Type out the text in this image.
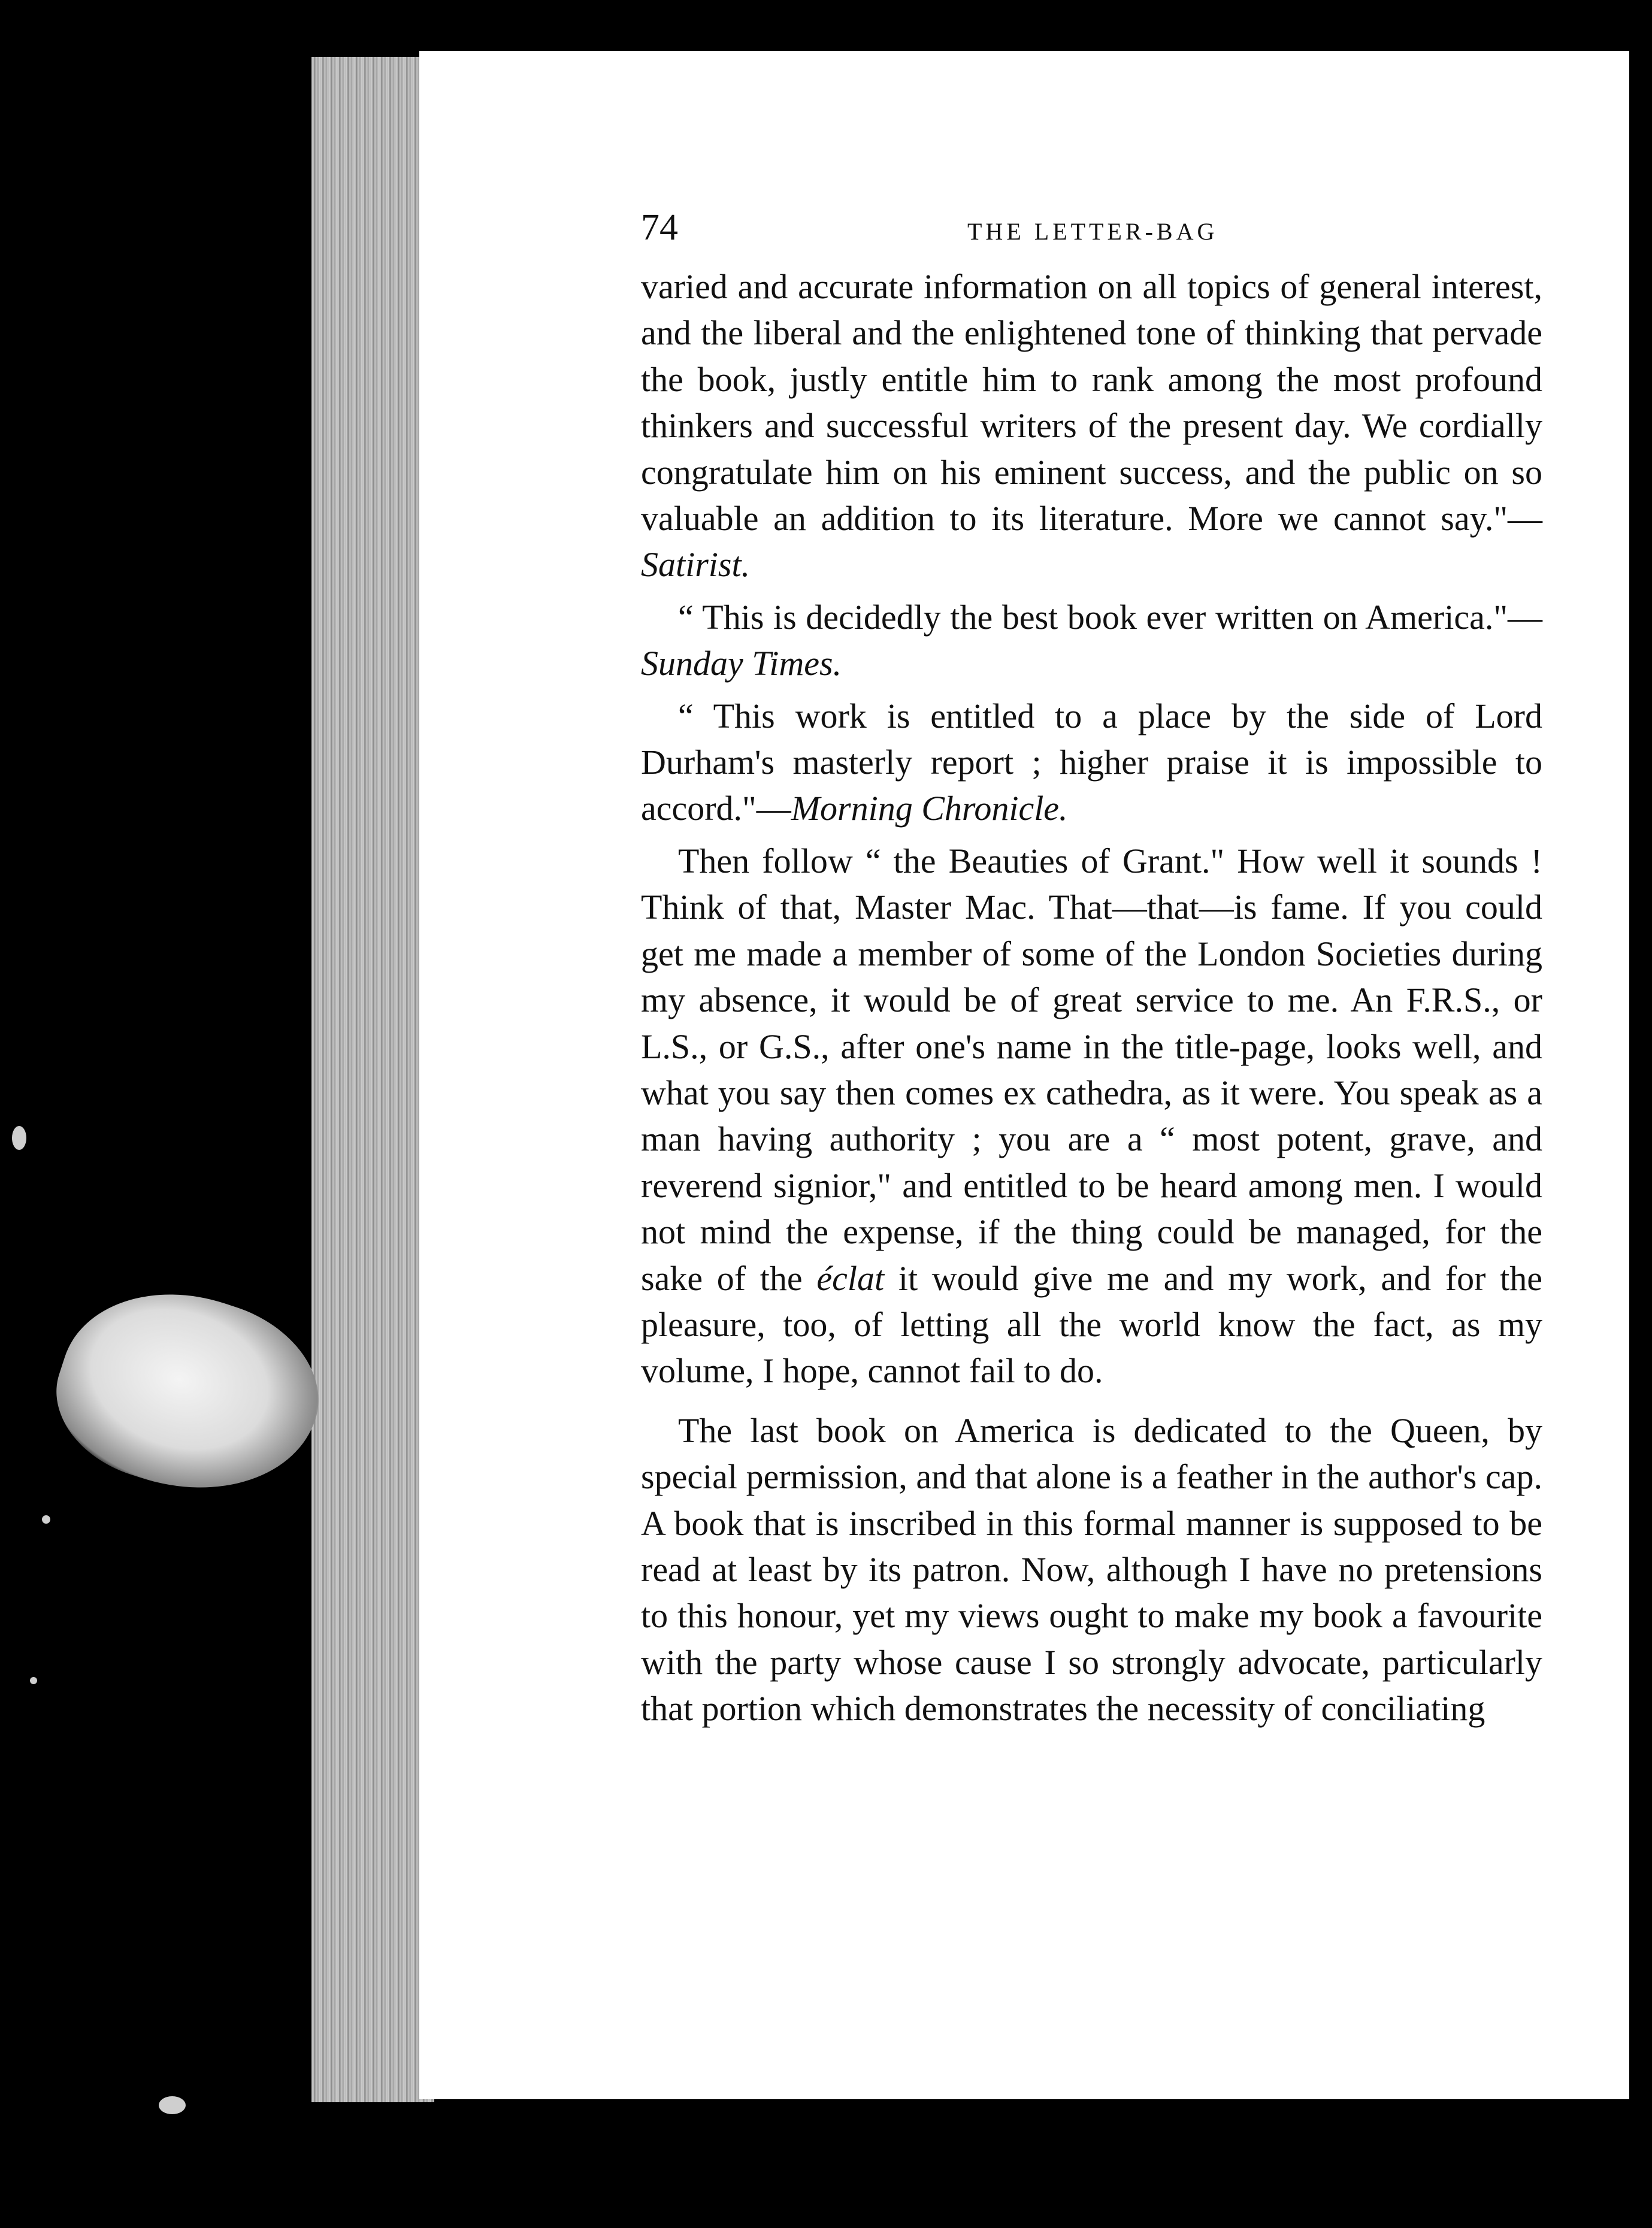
74	THE LETTER-BAG

varied and accurate information on all topics of general interest, and the liberal and the enlightened tone of thinking that pervade the book, justly entitle him to rank among the most profound thinkers and successful writers of the present day. We cordially congratulate him on his eminent success, and the public on so valuable an addition to its literature. More we cannot say."—Satirist.

“ This is decidedly the best book ever written on America."—Sunday Times.

“ This work is entitled to a place by the side of Lord Durham's masterly report ; higher praise it is impossible to accord."—Morning Chronicle.

Then follow “ the Beauties of Grant." How well it sounds ! Think of that, Master Mac. That—that—is fame. If you could get me made a member of some of the London Societies during my absence, it would be of great service to me. An F.R.S., or L.S., or G.S., after one's name in the title-page, looks well, and what you say then comes ex cathedra, as it were. You speak as a man having authority ; you are a “ most potent, grave, and reverend signior," and entitled to be heard among men. I would not mind the expense, if the thing could be managed, for the sake of the éclat it would give me and my work, and for the pleasure, too, of letting all the world know the fact, as my volume, I hope, cannot fail to do.

The last book on America is dedicated to the Queen, by special permission, and that alone is a feather in the author's cap. A book that is inscribed in this formal manner is supposed to be read at least by its patron. Now, although I have no pretensions to this honour, yet my views ought to make my book a favourite with the party whose cause I so strongly advocate, particularly that portion which demonstrates the necessity of conciliating
